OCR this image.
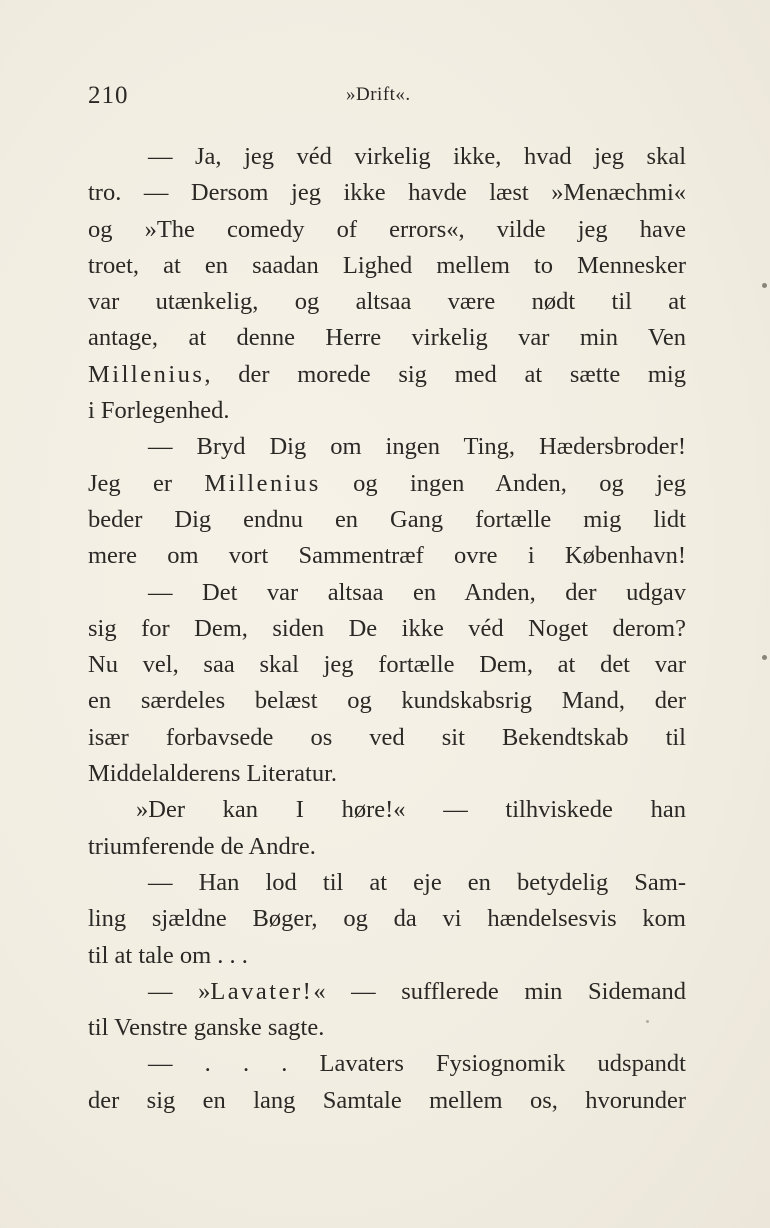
210	»Drift«.
— Ja, jeg véd virkelig ikke, hvad jeg skal
tro. — Dersom jeg ikke havde læst »Menæchmi«
og »The comedy of errors«, vilde jeg have
troet, at en saadan Lighed mellem to Mennesker
var utænkelig, og altsaa være nødt til at
antage, at denne Herre virkelig var min Ven
Millenius, der morede sig med at sætte mig
i Forlegenhed.
— Bryd Dig om ingen Ting, Hædersbroder!
Jeg er Millenius og ingen Anden, og jeg
beder Dig endnu en Gang fortælle mig lidt
mere om vort Sammentræf ovre i København!
— Det var altsaa en Anden, der udgav
sig for Dem, siden De ikke véd Noget derom?
Nu vel, saa skal jeg fortælle Dem, at det var
en særdeles belæst og kundskabsrig Mand, der
især forbavsede os ved sit Bekendtskab til
Middelalderens Literatur.
»Der kan I høre!« — tilhviskede han
triumferende de Andre.
— Han lod til at eje en betydelig Sam-
ling sjældne Bøger, og da vi hændelsesvis kom
til at tale om . . .
— »Lavater!« — sufflerede min Sidemand
til Venstre ganske sagte.
— . . . Lavaters Fysiognomik udspandt
der sig en lang Samtale mellem os, hvorunder
